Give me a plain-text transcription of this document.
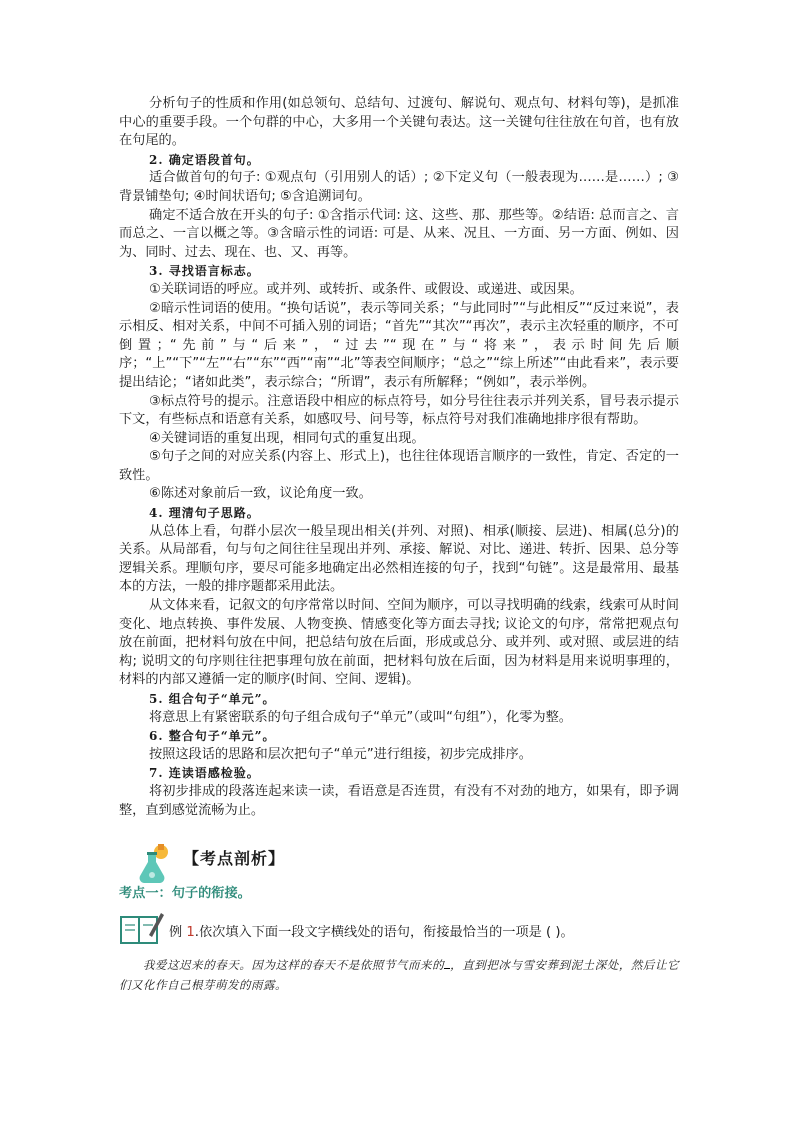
分析句子的性质和作用(如总领句、总结句、过渡句、解说句、观点句、材料句等)，是抓准中心的重要手段。一个句群的中心，大多用一个关键句表达。这一关键句往往放在句首，也有放在句尾的。

2. 确定语段首句。

适合做首句的句子: ①观点句（引用别人的话）; ②下定义句（一般表现为……是……）; ③背景铺垫句; ④时间状语句; ⑤含追溯词句。

确定不适合放在开头的句子: ①含指示代词: 这、这些、那、那些等。②结语: 总而言之、言而总之、一言以概之等。③含暗示性的词语: 可是、从来、况且、一方面、另一方面、例如、因为、同时、过去、现在、也、又、再等。

3. 寻找语言标志。

①关联词语的呼应。或并列、或转折、或条件、或假设、或递进、或因果。

②暗示性词语的使用。“换句话说”，表示等同关系；“与此同时”“与此相反”“反过来说”，表示相反、相对关系，中间不可插入别的词语；“首先”“其次”“再次”，表示主次轻重的顺序，不可倒置；“先前”与“后来”，“过去”“现在”与“将来”，表示时间先后顺序；“上”“下”“左”“右”“东”“西”“南”“北”等表空间顺序；“总之”“综上所述”“由此看来”，表示要提出结论；“诸如此类”，表示综合；“所谓”，表示有所解释；“例如”，表示举例。

③标点符号的提示。注意语段中相应的标点符号，如分号往往表示并列关系，冒号表示提示下文，有些标点和语意有关系，如感叹号、问号等，标点符号对我们准确地排序很有帮助。

④关键词语的重复出现，相同句式的重复出现。

⑤句子之间的对应关系(内容上、形式上)，也往往体现语言顺序的一致性，肯定、否定的一致性。

⑥陈述对象前后一致，议论角度一致。

4. 理清句子思路。

从总体上看，句群小层次一般呈现出相关(并列、对照)、相承(顺接、层进)、相属(总分)的关系。从局部看，句与句之间往往呈现出并列、承接、解说、对比、递进、转折、因果、总分等逻辑关系。理顺句序，要尽可能多地确定出必然相连接的句子，找到“句链”。这是最常用、最基本的方法，一般的排序题都采用此法。

从文体来看，记叙文的句序常常以时间、空间为顺序，可以寻找明确的线索，线索可从时间变化、地点转换、事件发展、人物变换、情感变化等方面去寻找; 议论文的句序，常常把观点句放在前面，把材料句放在中间，把总结句放在后面，形成或总分、或并列、或对照、或层进的结构; 说明文的句序则往往把事理句放在前面，把材料句放在后面，因为材料是用来说明事理的，材料的内部又遵循一定的顺序(时间、空间、逻辑)。

5. 组合句子“单元”。

将意思上有紧密联系的句子组合成句子“单元”（或叫“句组”），化零为整。

6. 整合句子“单元”。

按照这段话的思路和层次把句子“单元”进行组接，初步完成排序。

7. 连读语感检验。

将初步排成的段落连起来读一读，看语意是否连贯，有没有不对劲的地方，如果有，即予调整，直到感觉流畅为止。

【考点剖析】
考点一：句子的衔接。
例 1.依次填入下面一段文字横线处的语句，衔接最恰当的一项是 ( )。

我爱这迟来的春天。因为这样的春天不是依照节气而来的 ，直到把冰与雪安葬到泥土深处，然后让它们又化作自己根芽萌发的雨露。
